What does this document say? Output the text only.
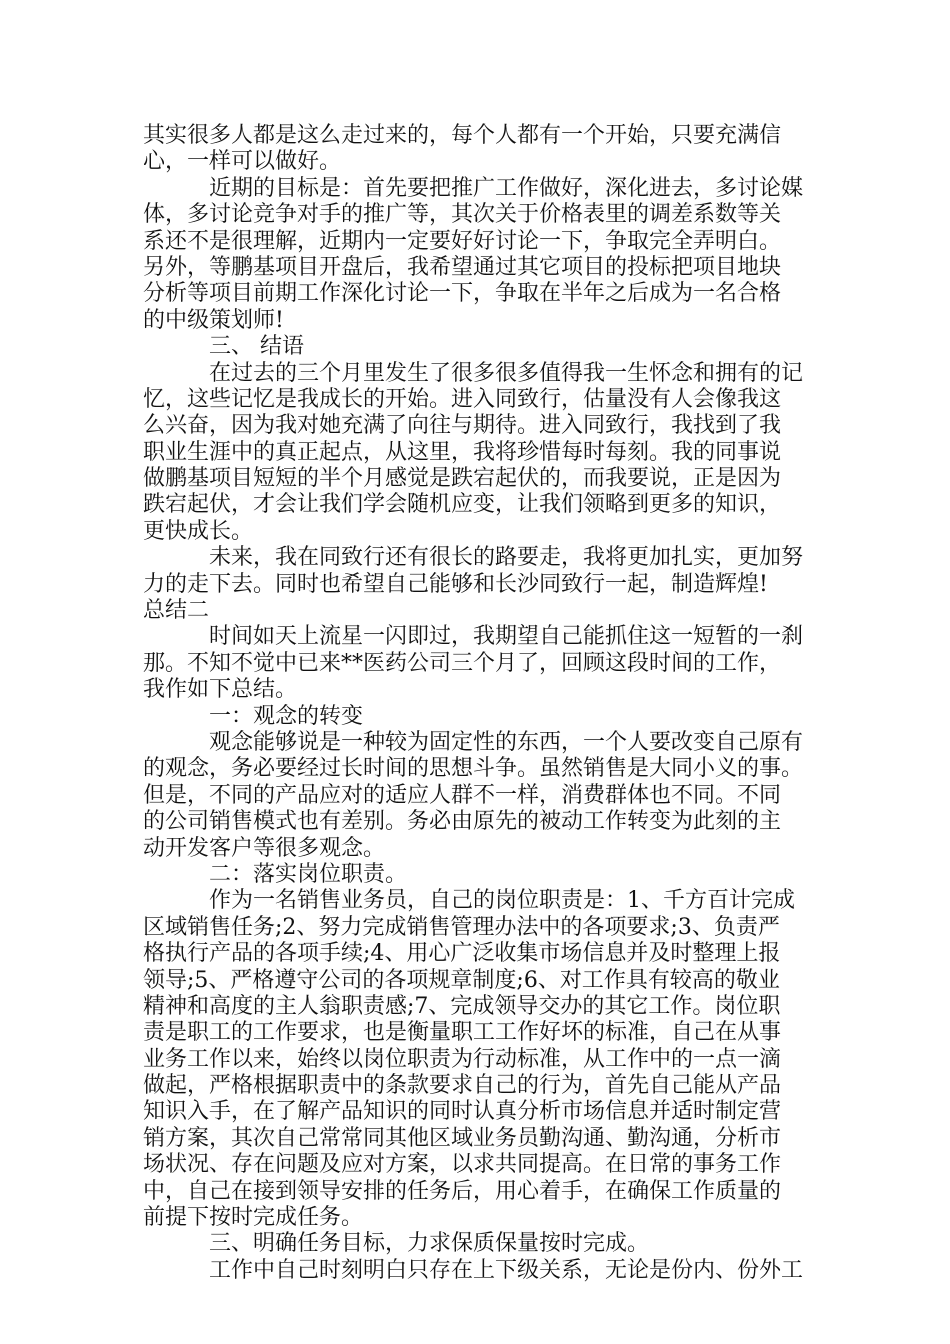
其实很多人都是这么走过来的，每个人都有一个开始，只要充满信
心，一样可以做好。
　　　近期的目标是：首先要把推广工作做好，深化进去，多讨论媒
体，多讨论竞争对手的推广等，其次关于价格表里的调差系数等关
系还不是很理解，近期内一定要好好讨论一下，争取完全弄明白。
另外，等鹏基项目开盘后，我希望通过其它项目的投标把项目地块
分析等项目前期工作深化讨论一下，争取在半年之后成为一名合格
的中级策划师!
　　　三、 结语
　　　在过去的三个月里发生了很多很多值得我一生怀念和拥有的记
忆，这些记忆是我成长的开始。进入同致行，估量没有人会像我这
么兴奋，因为我对她充满了向往与期待。进入同致行，我找到了我
职业生涯中的真正起点，从这里，我将珍惜每时每刻。我的同事说
做鹏基项目短短的半个月感觉是跌宕起伏的，而我要说，正是因为
跌宕起伏，才会让我们学会随机应变，让我们领略到更多的知识，
更快成长。
　　　未来，我在同致行还有很长的路要走，我将更加扎实，更加努
力的走下去。同时也希望自己能够和长沙同致行一起，制造辉煌!
总结二
　　　时间如天上流星一闪即过，我期望自己能抓住这一短暂的一刹
那。不知不觉中已来**医药公司三个月了，回顾这段时间的工作，
我作如下总结。
　　　一：观念的转变
　　　观念能够说是一种较为固定性的东西，一个人要改变自己原有
的观念，务必要经过长时间的思想斗争。虽然销售是大同小义的事。
但是，不同的产品应对的适应人群不一样，消费群体也不同。不同
的公司销售模式也有差别。务必由原先的被动工作转变为此刻的主
动开发客户等很多观念。
　　　二：落实岗位职责。
　　　作为一名销售业务员，自己的岗位职责是：1、千方百计完成
区域销售任务;2、努力完成销售管理办法中的各项要求;3、负责严
格执行产品的各项手续;4、用心广泛收集市场信息并及时整理上报
领导;5、严格遵守公司的各项规章制度;6、对工作具有较高的敬业
精神和高度的主人翁职责感;7、完成领导交办的其它工作。岗位职
责是职工的工作要求，也是衡量职工工作好坏的标准，自己在从事
业务工作以来，始终以岗位职责为行动标准，从工作中的一点一滴
做起，严格根据职责中的条款要求自己的行为，首先自己能从产品
知识入手，在了解产品知识的同时认真分析市场信息并适时制定营
销方案，其次自己常常同其他区域业务员勤沟通、勤沟通，分析市
场状况、存在问题及应对方案，以求共同提高。在日常的事务工作
中，自己在接到领导安排的任务后，用心着手，在确保工作质量的
前提下按时完成任务。
　　　三、明确任务目标，力求保质保量按时完成。
　　　工作中自己时刻明白只存在上下级关系，无论是份内、份外工
